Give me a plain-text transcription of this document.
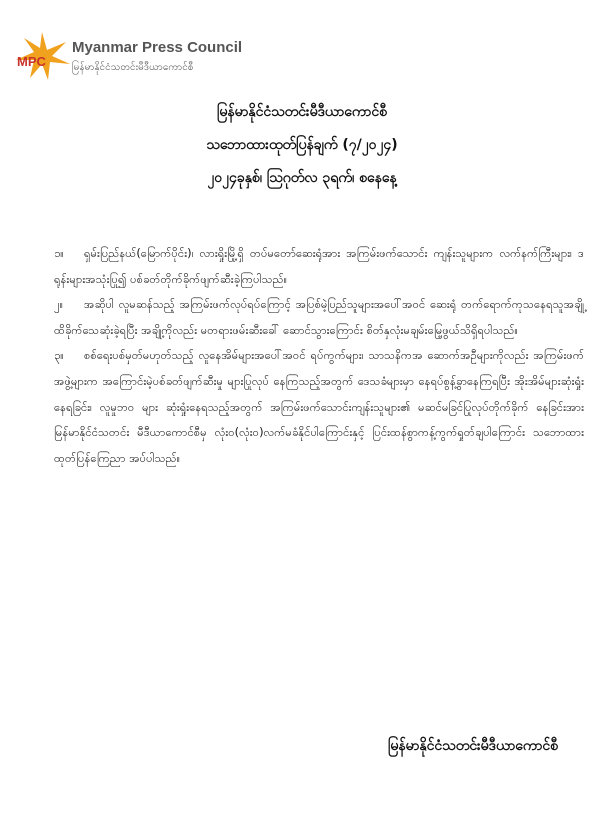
MPC
Myanmar Press Council
မြန်မာနိုင်ငံသတင်းမီဒီယာကောင်စီ
မြန်မာနိုင်ငံသတင်းမီဒီယာကောင်စီ
သဘောထားထုတ်ပြန်ချက် (၇/၂၀၂၄)
၂၀၂၄ခုနှစ်၊ ဩဂုတ်လ ၃ရက်၊ စနေနေ့

၁။ ရှမ်းပြည်နယ်(မြောက်ပိုင်း)၊ လားရှိုးမြို့ရှိ တပ်မတော်ဆေးရုံအား အကြမ်းဖက်သောင်း ကျန်းသူများက လက်နက်ကြီးများ၊ ဒရုန်းများအသုံးပြု၍ ပစ်ခတ်တိုက်ခိုက်ဖျက်ဆီးခဲ့ကြပါသည်။

၂။ အဆိုပါ လူမဆန်သည့် အကြမ်းဖက်လုပ်ရပ်ကြောင့် အပြစ်မဲ့ပြည်သူများအပေါ်အဝင် ဆေးရုံ တက်ရောက်ကုသနေရသူအချို့ ထိခိုက်သေဆုံးခဲ့ရပြီး အချို့ကိုလည်း မတရားဖမ်းဆီးခေါ် ဆောင်သွားကြောင်း စိတ်နှလုံးမချမ်းမြေ့ဖွယ်သိရှိရပါသည်။

၃။ စစ်ရေးပစ်မှတ်မဟုတ်သည့် လူနေအိမ်များအပေါ်အဝင် ရပ်ကွက်များ၊ သာသနိကအ ဆောက်အဦများကိုလည်း အကြမ်းဖက်အဖွဲ့များက အကြောင်းမဲ့ပစ်ခတ်ဖျက်ဆီးမှု များပြုလုပ် နေကြသည့်အတွက် ဒေသခံများမှာ နေရပ်စွန့်ခွာနေကြရပြီး အိုးအိမ်များဆုံးရှုံးနေရခြင်း၊ လူမှုဘဝ များ ဆုံးရှုံးနေရသည့်အတွက် အကြမ်းဖက်သောင်းကျန်းသူများ၏ မဆင်မခြင်ပြုလုပ်တိုက်ခိုက် နေခြင်းအား မြန်မာနိုင်ငံသတင်း မီဒီယာကောင်စီမှ လုံး၀(လုံး၀)လက်မခံနိုင်ပါကြောင်းနှင့် ပြင်းထန်စွာကန့်ကွက်ရှုတ်ချပါကြောင်း သဘောထားထုတ်ပြန်ကြေညာ အပ်ပါသည်။

မြန်မာနိုင်ငံသတင်းမီဒီယာကောင်စီ
